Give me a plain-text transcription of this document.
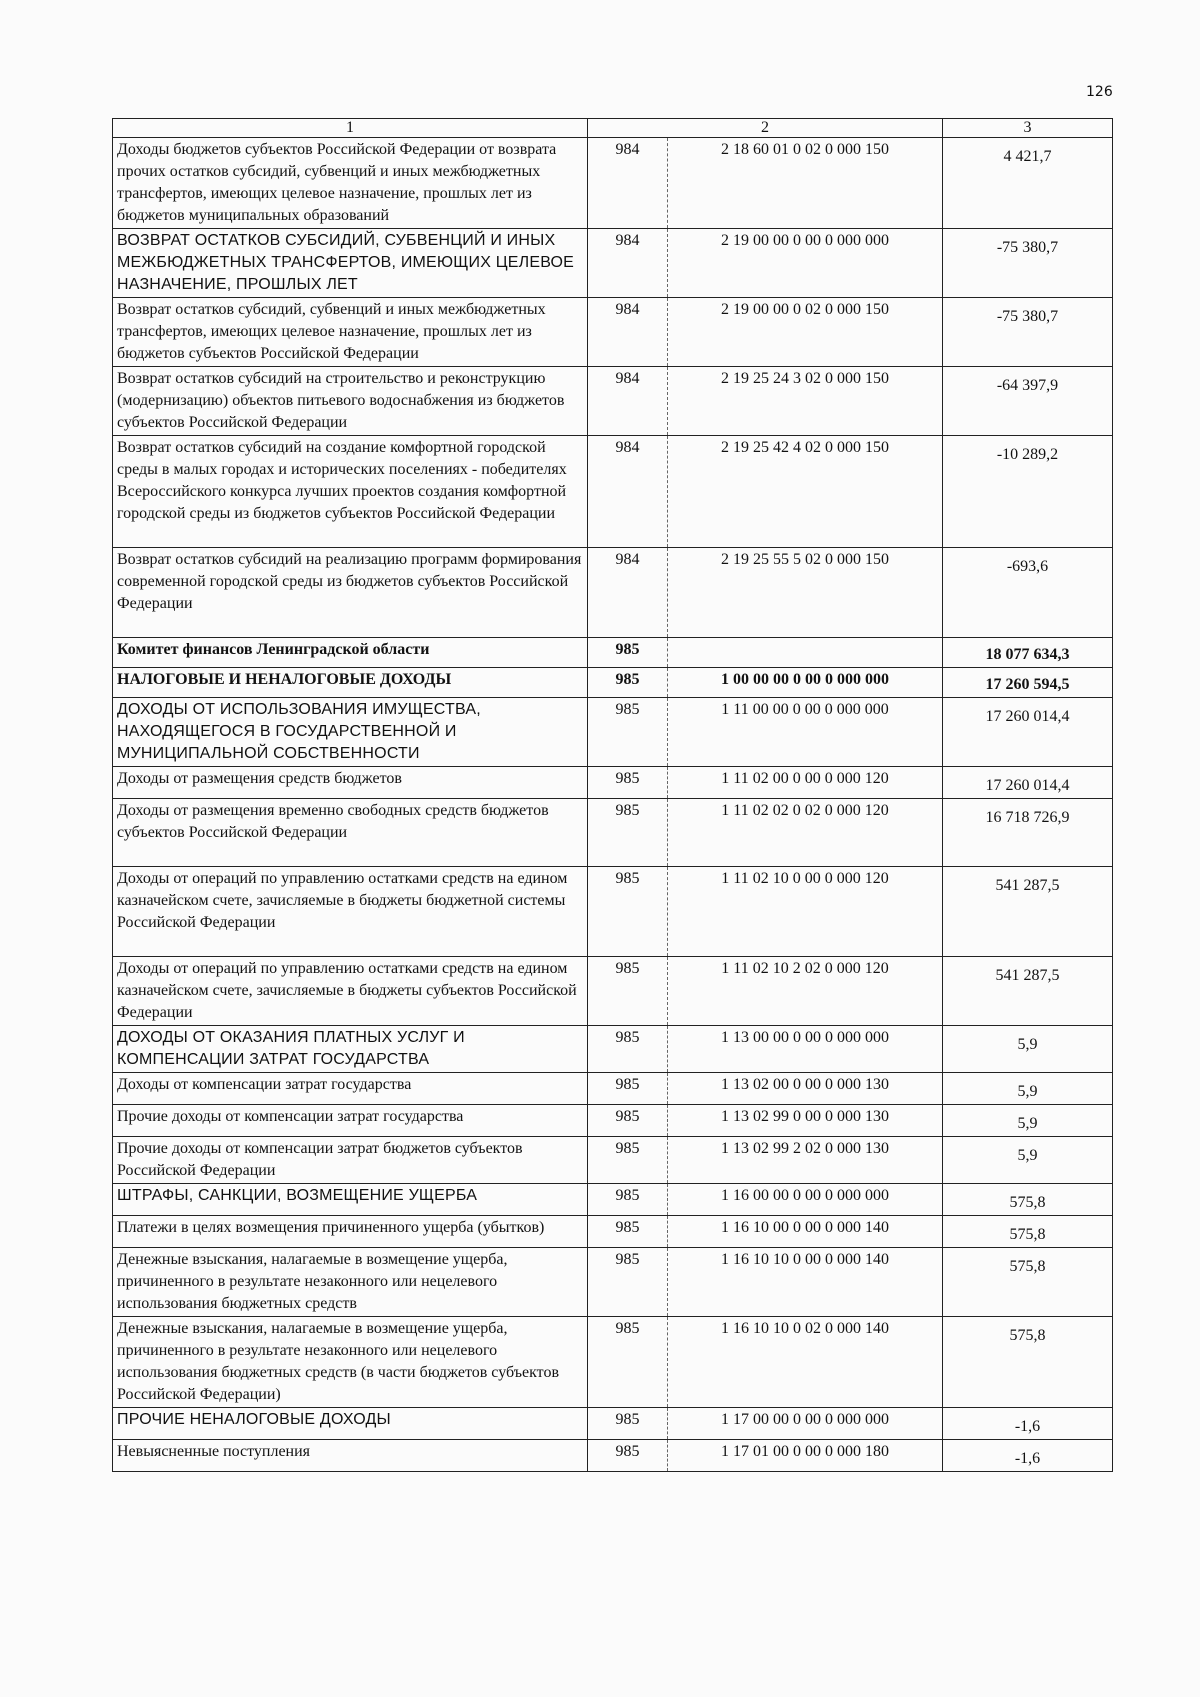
126
1	2		3
Доходы бюджетов субъектов Российской Федерации от возврата прочих остатков субсидий, субвенций и иных межбюджетных трансфертов, имеющих целевое назначение, прошлых лет из бюджетов муниципальных образований	984	2 18 60 01 0 02 0 000 150	4 421,7
ВОЗВРАТ ОСТАТКОВ СУБСИДИЙ, СУБВЕНЦИЙ И ИНЫХ МЕЖБЮДЖЕТНЫХ ТРАНСФЕРТОВ, ИМЕЮЩИХ ЦЕЛЕВОЕ НАЗНАЧЕНИЕ, ПРОШЛЫХ ЛЕТ	984	2 19 00 00 0 00 0 000 000	-75 380,7
Возврат остатков субсидий, субвенций и иных межбюджетных трансфертов, имеющих целевое назначение, прошлых лет из бюджетов субъектов Российской Федерации	984	2 19 00 00 0 02 0 000 150	-75 380,7
Возврат остатков субсидий на строительство и реконструкцию (модернизацию) объектов питьевого водоснабжения из бюджетов субъектов Российской Федерации	984	2 19 25 24 3 02 0 000 150	-64 397,9
Возврат остатков субсидий на создание комфортной городской среды в малых городах и исторических поселениях - победителях Всероссийского конкурса лучших проектов создания комфортной городской среды из бюджетов субъектов Российской Федерации	984	2 19 25 42 4 02 0 000 150	-10 289,2
Возврат остатков субсидий на реализацию программ формирования современной городской среды из бюджетов субъектов Российской Федерации	984	2 19 25 55 5 02 0 000 150	-693,6
Комитет финансов Ленинградской области	985		18 077 634,3
НАЛОГОВЫЕ И НЕНАЛОГОВЫЕ ДОХОДЫ	985	1 00 00 00 0 00 0 000 000	17 260 594,5
ДОХОДЫ ОТ ИСПОЛЬЗОВАНИЯ ИМУЩЕСТВА, НАХОДЯЩЕГОСЯ В ГОСУДАРСТВЕННОЙ И МУНИЦИПАЛЬНОЙ СОБСТВЕННОСТИ	985	1 11 00 00 0 00 0 000 000	17 260 014,4
Доходы от размещения средств бюджетов	985	1 11 02 00 0 00 0 000 120	17 260 014,4
Доходы от размещения временно свободных средств бюджетов субъектов Российской Федерации	985	1 11 02 02 0 02 0 000 120	16 718 726,9
Доходы от операций по управлению остатками средств на едином казначейском счете, зачисляемые в бюджеты бюджетной системы Российской Федерации	985	1 11 02 10 0 00 0 000 120	541 287,5
Доходы от операций по управлению остатками средств на едином казначейском счете, зачисляемые в бюджеты субъектов Российской Федерации	985	1 11 02 10 2 02 0 000 120	541 287,5
ДОХОДЫ ОТ ОКАЗАНИЯ ПЛАТНЫХ УСЛУГ И КОМПЕНСАЦИИ ЗАТРАТ ГОСУДАРСТВА	985	1 13 00 00 0 00 0 000 000	5,9
Доходы от компенсации затрат государства	985	1 13 02 00 0 00 0 000 130	5,9
Прочие доходы от компенсации затрат государства	985	1 13 02 99 0 00 0 000 130	5,9
Прочие доходы от компенсации затрат бюджетов субъектов Российской Федерации	985	1 13 02 99 2 02 0 000 130	5,9
ШТРАФЫ, САНКЦИИ, ВОЗМЕЩЕНИЕ УЩЕРБА	985	1 16 00 00 0 00 0 000 000	575,8
Платежи в целях возмещения причиненного ущерба (убытков)	985	1 16 10 00 0 00 0 000 140	575,8
Денежные взыскания, налагаемые в возмещение ущерба, причиненного в результате незаконного или нецелевого использования бюджетных средств	985	1 16 10 10 0 00 0 000 140	575,8
Денежные взыскания, налагаемые в возмещение ущерба, причиненного в результате незаконного или нецелевого использования бюджетных средств (в части бюджетов субъектов Российской Федерации)	985	1 16 10 10 0 02 0 000 140	575,8
ПРОЧИЕ НЕНАЛОГОВЫЕ ДОХОДЫ	985	1 17 00 00 0 00 0 000 000	-1,6
Невыясненные поступления	985	1 17 01 00 0 00 0 000 180	-1,6
